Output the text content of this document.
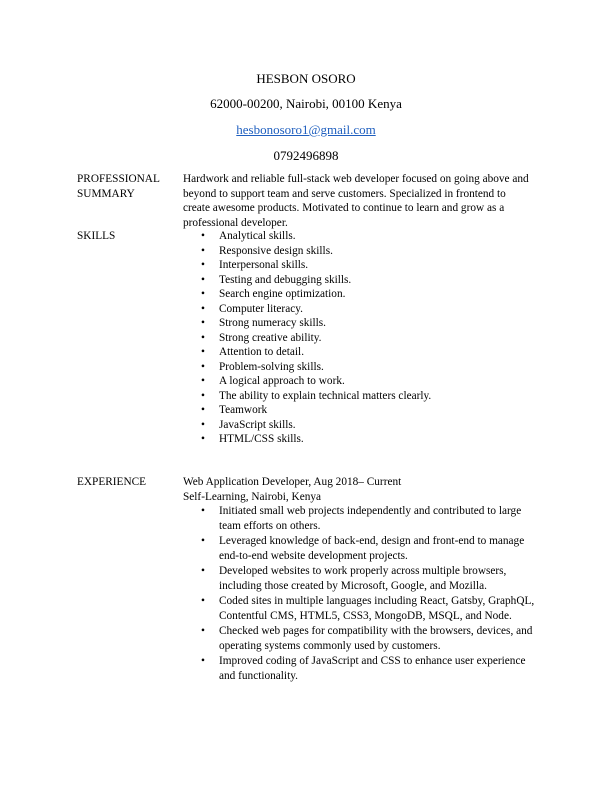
HESBON OSORO
62000-00200, Nairobi, 00100 Kenya
hesbonosoro1@gmail.com
0792496898
PROFESSIONAL
SUMMARY
Hardwork and reliable full-stack web developer focused on going above and beyond to support team and serve customers. Specialized in frontend to create awesome products. Motivated to continue to learn and grow as a professional developer.
SKILLS	• Analytical skills.
• Responsive design skills.
• Interpersonal skills.
• Testing and debugging skills.
• Search engine optimization.
• Computer literacy.
• Strong numeracy skills.
• Strong creative ability.
• Attention to detail.
• Problem-solving skills.
• A logical approach to work.
• The ability to explain technical matters clearly.
• Teamwork
• JavaScript skills.
• HTML/CSS skills.
EXPERIENCE	Web Application Developer, Aug 2018– Current
Self-Learning, Nairobi, Kenya
• Initiated small web projects independently and contributed to large team efforts on others.
• Leveraged knowledge of back-end, design and front-end to manage end-to-end website development projects.
• Developed websites to work properly across multiple browsers, including those created by Microsoft, Google, and Mozilla.
• Coded sites in multiple languages including React, Gatsby, GraphQL, Contentful CMS, HTML5, CSS3, MongoDB, MSQL, and Node.
• Checked web pages for compatibility with the browsers, devices, and operating systems commonly used by customers.
• Improved coding of JavaScript and CSS to enhance user experience and functionality.
